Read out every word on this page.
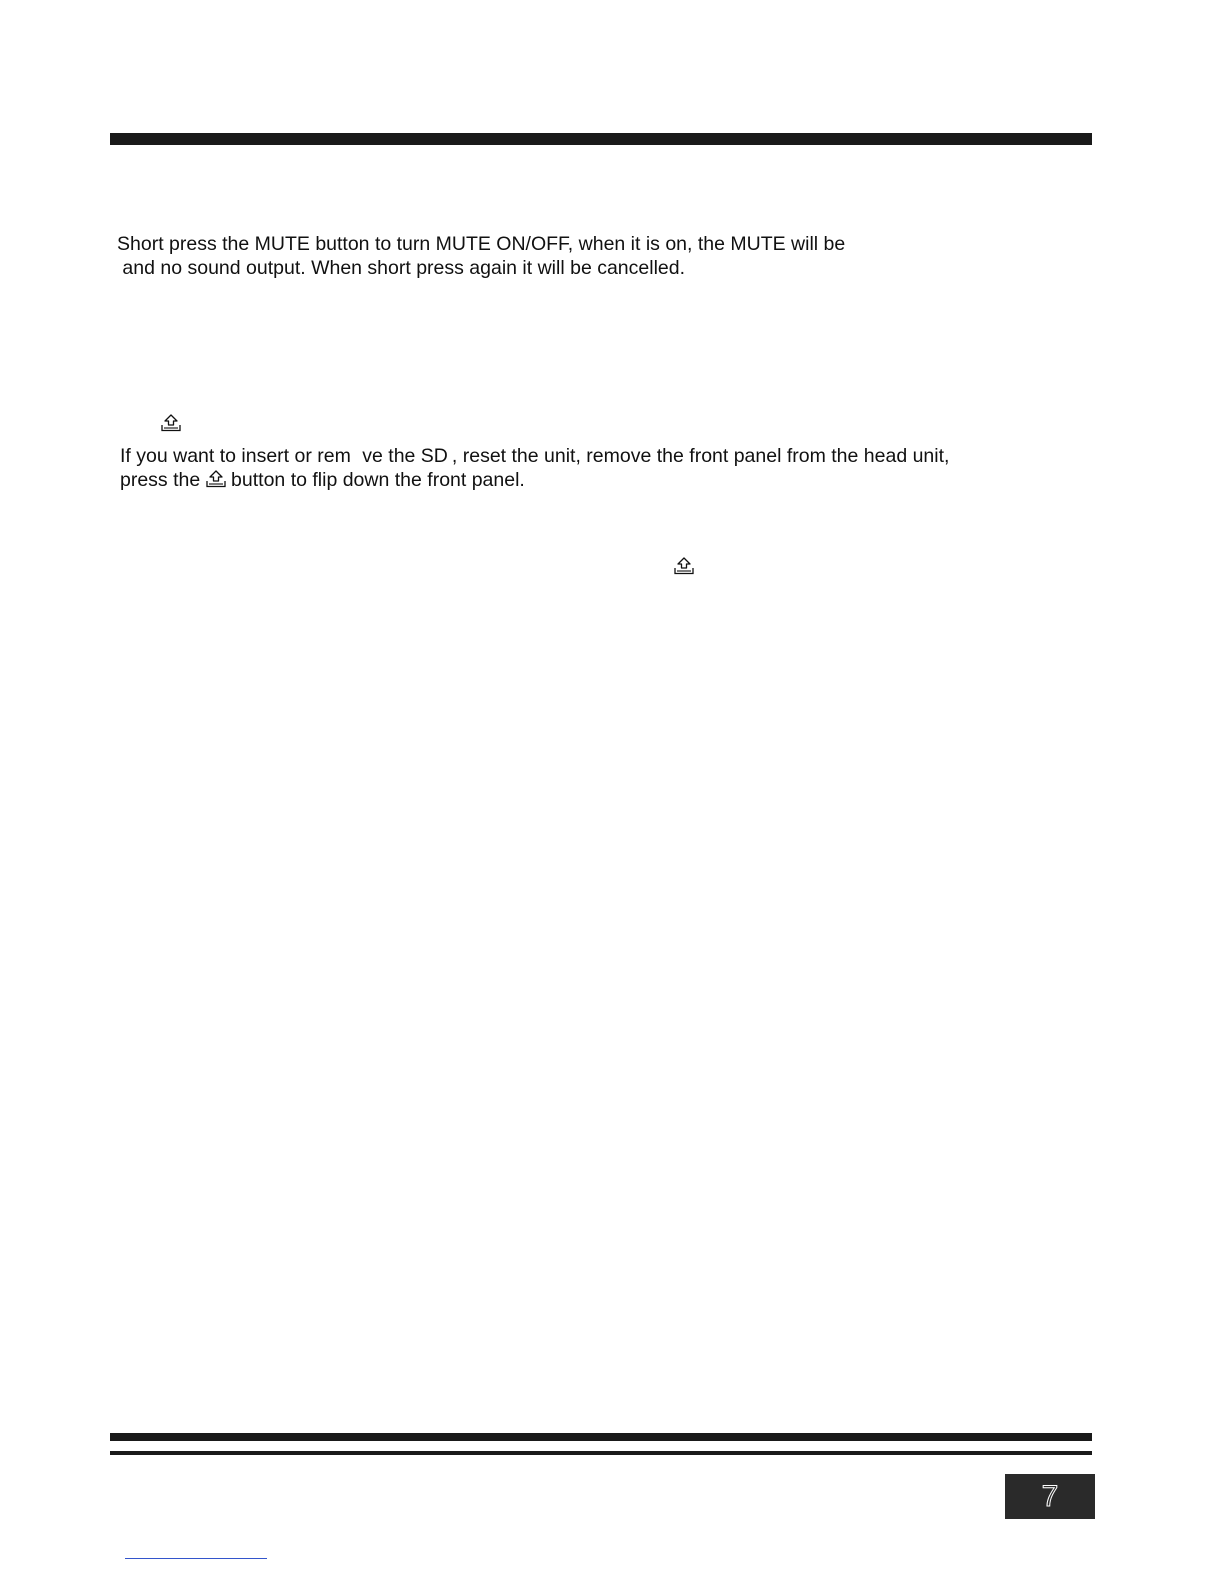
Short press the MUTE button to turn MUTE ON/OFF, when it is on, the MUTE will be
and no sound output. When short press again it will be cancelled.

If you want to insert or rem ve the SD , reset the unit, remove the front panel from the head unit,
press the
button to flip down the front panel.

7
